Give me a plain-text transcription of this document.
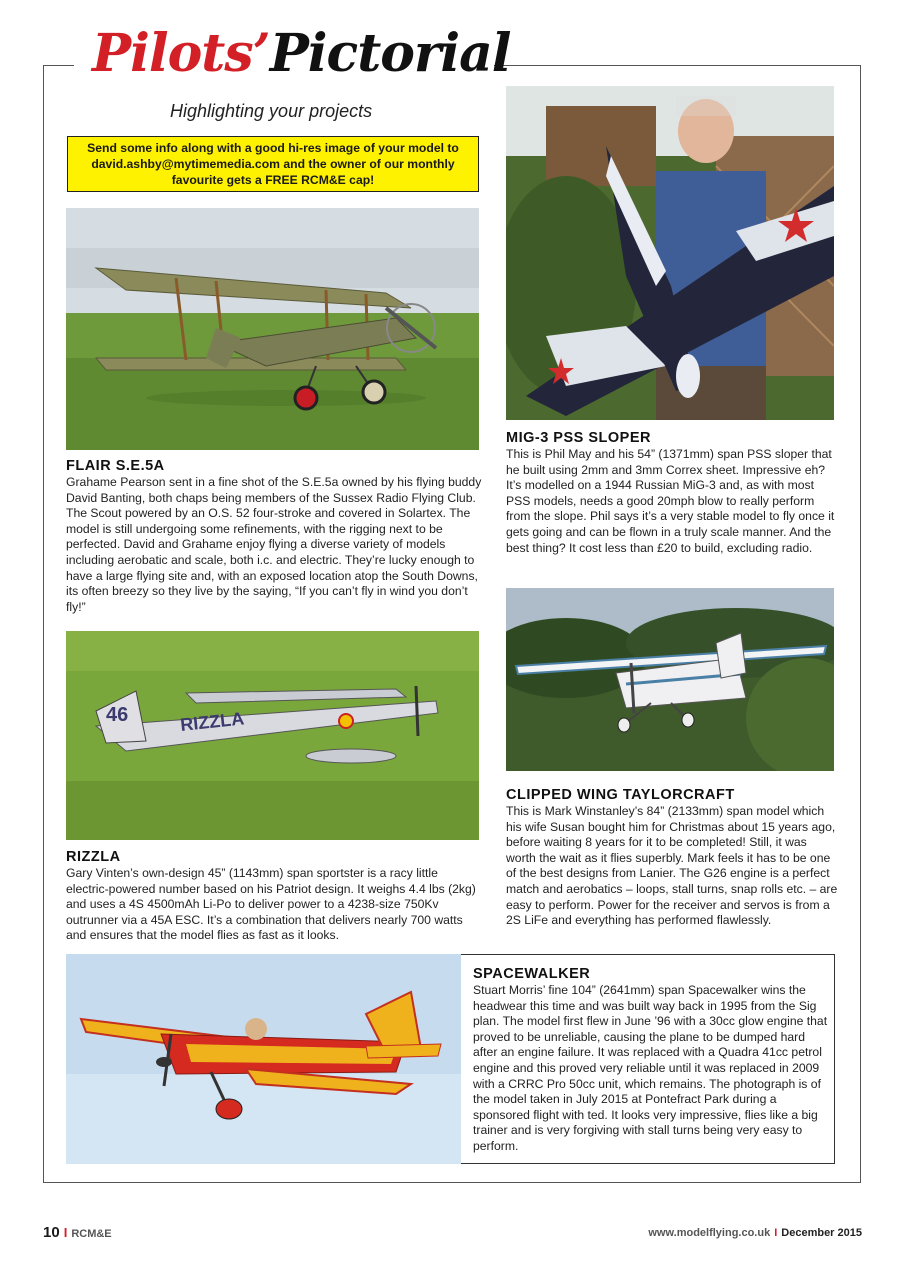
Pilots’Pictorial
Highlighting your projects
Send some info along with a good hi-res image of your model to david.ashby@mytimemedia.com and the owner of our monthly favourite gets a FREE RCM&E cap!
FLAIR S.E.5A
Grahame Pearson sent in a fine shot of the S.E.5a owned by his flying buddy David Banting, both chaps being members of the Sussex Radio Flying Club. The Scout powered by an O.S. 52 four-stroke and covered in Solartex. The model is still undergoing some refinements, with the rigging next to be perfected. David and Grahame enjoy flying a diverse variety of models including aerobatic and scale, both i.c. and electric. They’re lucky enough to have a large flying site and, with an exposed location atop the South Downs, its often breezy so they live by the saying, “If you can’t fly in wind you don’t fly!”
MIG-3 PSS SLOPER
This is Phil May and his 54” (1371mm) span PSS sloper that he built using 2mm and 3mm Correx sheet. Impressive eh? It’s modelled on a 1944 Russian MiG-3 and, as with most PSS models, needs a good 20mph blow to really perform from the slope. Phil says it’s a very stable model to fly once it gets going and can be flown in a truly scale manner. And the best thing? It cost less than £20 to build, excluding radio.
46	RIZZLA
RIZZLA
Gary Vinten’s own-design 45” (1143mm) span sportster is a racy little electric-powered number based on his Patriot design. It weighs 4.4 lbs (2kg) and uses a 4S 4500mAh Li-Po to deliver power to a 4238-size 750Kv outrunner via a 45A ESC. It’s a combination that delivers nearly 700 watts and ensures that the model flies as fast as it looks.
CLIPPED WING TAYLORCRAFT
This is Mark Winstanley’s 84” (2133mm) span model which his wife Susan bought him for Christmas about 15 years ago, before waiting 8 years for it to be completed! Still, it was worth the wait as it flies superbly. Mark feels it has to be one of the best designs from Lanier. The G26 engine is a perfect match and aerobatics – loops, stall turns, snap rolls etc. – are easy to perform. Power for the receiver and servos is from a 2S LiFe and everything has performed flawlessly.
SPACEWALKER
Stuart Morris’ fine 104” (2641mm) span Spacewalker wins the headwear this time and was built way back in 1995 from the Sig plan. The model first flew in June ’96 with a 30cc glow engine that proved to be unreliable, causing the plane to be dumped hard after an engine failure. It was replaced with a Quadra 41cc petrol engine and this proved very reliable until it was replaced in 2009 with a CRRC Pro 50cc unit, which remains. The photograph is of the model taken in July 2015 at Pontefract Park during a sponsored flight with ted. It looks very impressive, flies like a big trainer and is very forgiving with stall turns being very easy to perform.
10 I RCM&E	www.modelflying.co.uk I December 2015
